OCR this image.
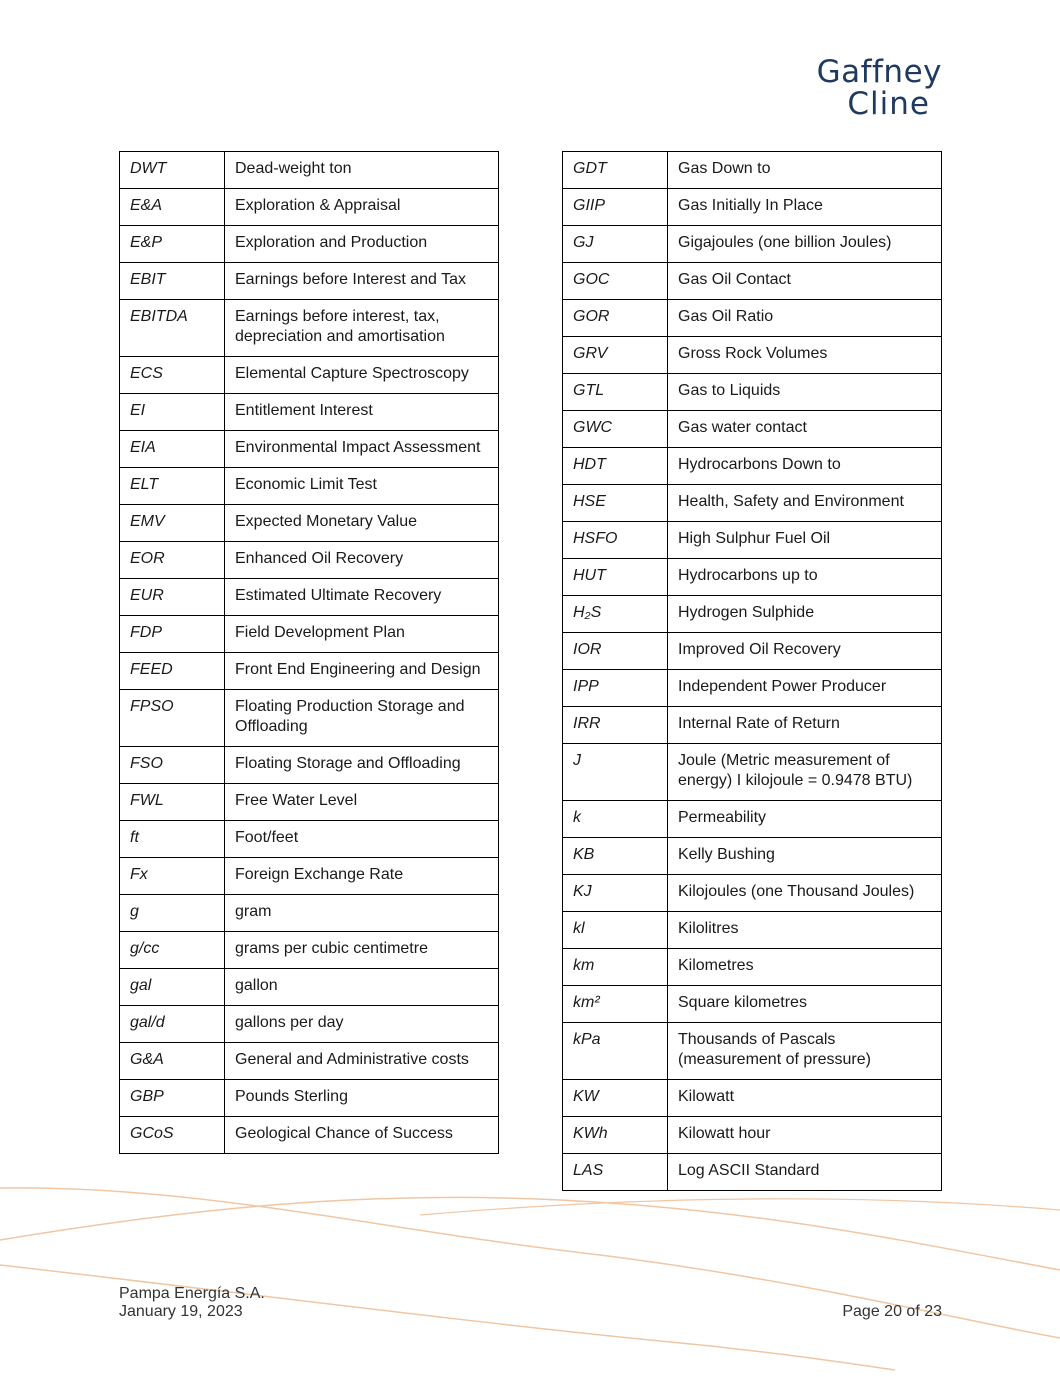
Gaffney
Cline
DWT	Dead-weight ton
E&A	Exploration & Appraisal
E&P	Exploration and Production
EBIT	Earnings before Interest and Tax
EBITDA	Earnings before interest, tax, depreciation and amortisation
ECS	Elemental Capture Spectroscopy
EI	Entitlement Interest
EIA	Environmental Impact Assessment
ELT	Economic Limit Test
EMV	Expected Monetary Value
EOR	Enhanced Oil Recovery
EUR	Estimated Ultimate Recovery
FDP	Field Development Plan
FEED	Front End Engineering and Design
FPSO	Floating Production Storage and Offloading
FSO	Floating Storage and Offloading
FWL	Free Water Level
ft	Foot/feet
Fx	Foreign Exchange Rate
g	gram
g/cc	grams per cubic centimetre
gal	gallon
gal/d	gallons per day
G&A	General and Administrative costs
GBP	Pounds Sterling
GCoS	Geological Chance of Success
GDT	Gas Down to
GIIP	Gas Initially In Place
GJ	Gigajoules (one billion Joules)
GOC	Gas Oil Contact
GOR	Gas Oil Ratio
GRV	Gross Rock Volumes
GTL	Gas to Liquids
GWC	Gas water contact
HDT	Hydrocarbons Down to
HSE	Health, Safety and Environment
HSFO	High Sulphur Fuel Oil
HUT	Hydrocarbons up to
H₂S	Hydrogen Sulphide
IOR	Improved Oil Recovery
IPP	Independent Power Producer
IRR	Internal Rate of Return
J	Joule (Metric measurement of energy) I kilojoule = 0.9478 BTU)
k	Permeability
KB	Kelly Bushing
KJ	Kilojoules (one Thousand Joules)
kl	Kilolitres
km	Kilometres
km²	Square kilometres
kPa	Thousands of Pascals (measurement of pressure)
KW	Kilowatt
KWh	Kilowatt hour
LAS	Log ASCII Standard
Pampa Energía S.A.
January 19, 2023	Page 20 of 23
